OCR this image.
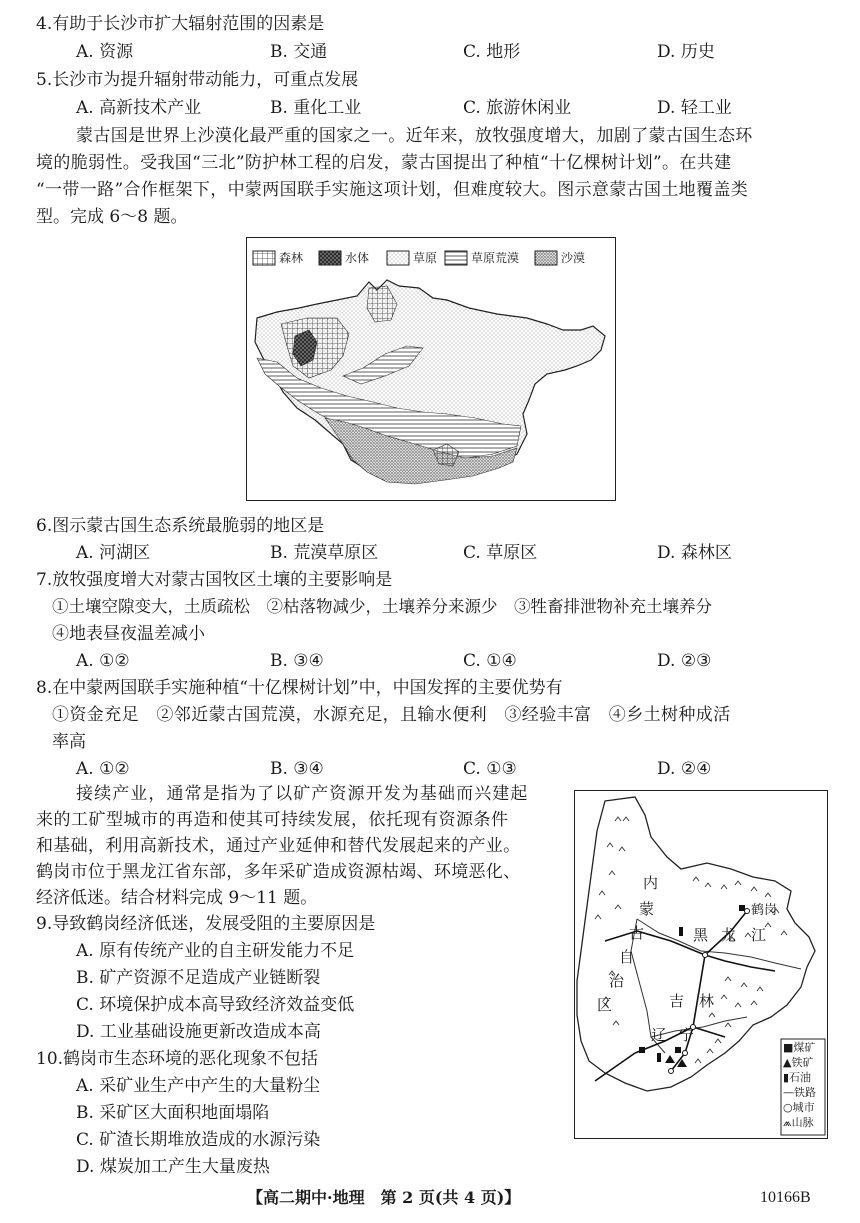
4.有助于长沙市扩大辐射范围的因素是
A. 资源	B. 交通	C. 地形	D. 历史
5.长沙市为提升辐射带动能力，可重点发展
A. 高新技术产业	B. 重化工业	C. 旅游休闲业	D. 轻工业
蒙古国是世界上沙漠化最严重的国家之一。近年来，放牧强度增大，加剧了蒙古国生态环
境的脆弱性。受我国“三北”防护林工程的启发，蒙古国提出了种植“十亿棵树计划”。在共建
“一带一路”合作框架下，中蒙两国联手实施这项计划，但难度较大。图示意蒙古国土地覆盖类
型。完成 6～8 题。
森林	水体	草原	草原荒漠	沙漠
6.图示蒙古国生态系统最脆弱的地区是
A. 河湖区	B. 荒漠草原区	C. 草原区	D. 森林区
7.放牧强度增大对蒙古国牧区土壤的主要影响是
①土壤空隙变大，土质疏松　②枯落物减少，土壤养分来源少　③牲畜排泄物补充土壤养分
④地表昼夜温差减小
A. ①②	B. ③④	C. ①④	D. ②③
8.在中蒙两国联手实施种植“十亿棵树计划”中，中国发挥的主要优势有
①资金充足　②邻近蒙古国荒漠，水源充足，且输水便利　③经验丰富　④乡土树种成活
率高
A. ①②	B. ③④	C. ①③	D. ②④
接续产业，通常是指为了以矿产资源开发为基础而兴建起
来的工矿型城市的再造和使其可持续发展，依托现有资源条件
和基础，利用高新技术，通过产业延伸和替代发展起来的产业。
鹤岗市位于黑龙江省东部，多年采矿造成资源枯竭、环境恶化、
经济低迷。结合材料完成 9～11 题。
9.导致鹤岗经济低迷，发展受阻的主要原因是
A. 原有传统产业的自主研发能力不足
B. 矿产资源不足造成产业链断裂
C. 环境保护成本高导致经济效益变低
D. 工业基础设施更新改造成本高
10.鹤岗市生态环境的恶化现象不包括
A. 采矿业生产中产生的大量粉尘
B. 采矿区大面积地面塌陷
C. 矿渣长期堆放造成的水源污染
D. 煤炭加工产生大量废热
内
蒙
古
自
治
区
黑 龙 江
吉 林
辽 宁
鹤岗
■煤矿
▲铁矿
▮石油
—铁路
○城市
⩕山脉
【高二期中·地理　第 2 页(共 4 页)】	10166B
